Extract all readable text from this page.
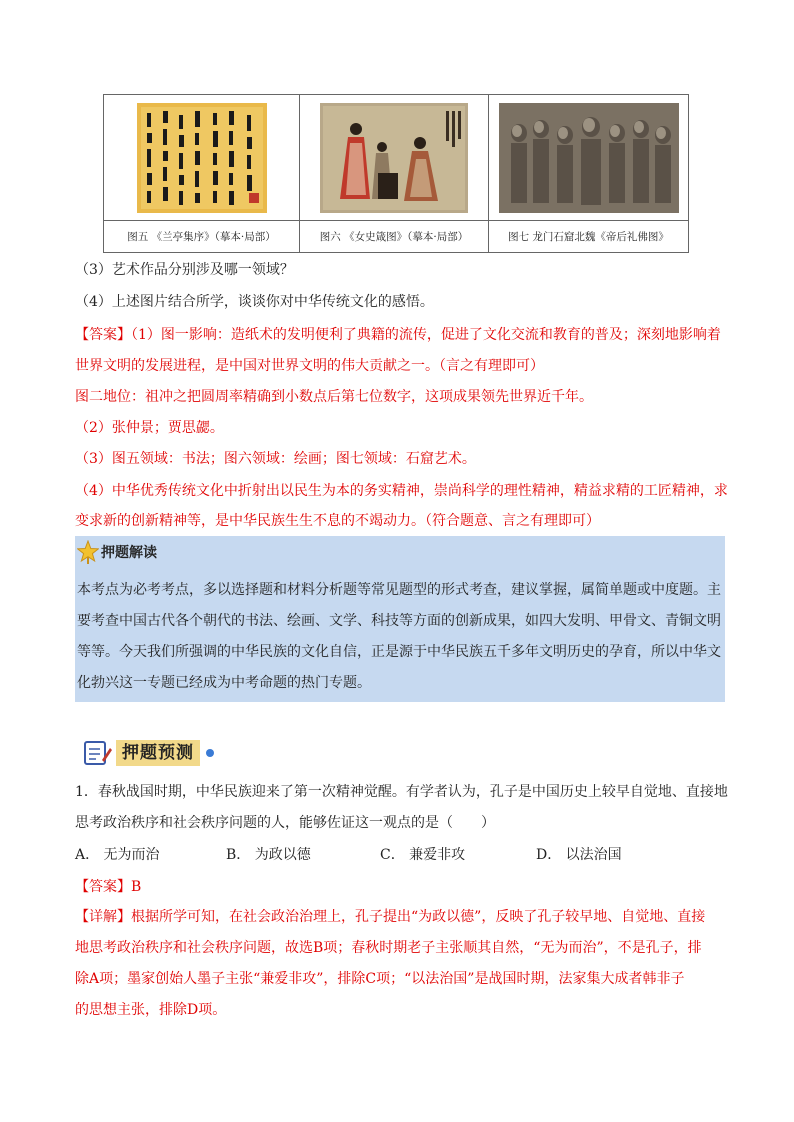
图五 《兰亭集序》（摹本·局部）	图六 《女史箴图》（摹本·局部）	图七 龙门石窟北魏《帝后礼佛图》
（3）艺术作品分别涉及哪一领域？
（4）上述图片结合所学，谈谈你对中华传统文化的感悟。
【答案】（1）图一影响：造纸术的发明便利了典籍的流传，促进了文化交流和教育的普及；深刻地影响着
世界文明的发展进程，是中国对世界文明的伟大贡献之一。（言之有理即可）
图二地位：祖冲之把圆周率精确到小数点后第七位数字，这项成果领先世界近千年。
（2）张仲景；贾思勰。
（3）图五领域：书法；图六领域：绘画；图七领域：石窟艺术。
（4）中华优秀传统文化中折射出以民生为本的务实精神，崇尚科学的理性精神，精益求精的工匠精神，求
变求新的创新精神等，是中华民族生生不息的不竭动力。（符合题意、言之有理即可）
押题解读

本考点为必考考点，多以选择题和材料分析题等常见题型的形式考查，建议掌握，属简单题或中度题。主

要考查中国古代各个朝代的书法、绘画、文学、科技等方面的创新成果，如四大发明、甲骨文、青铜文明

等等。今天我们所强调的中华民族的文化自信，正是源于中华民族五千多年文明历史的孕育，所以中华文

化勃兴这一专题已经成为中考命题的热门专题。

押题预测
1．春秋战国时期，中华民族迎来了第一次精神觉醒。有学者认为，孔子是中国历史上较早自觉地、直接地
思考政治秩序和社会秩序问题的人，能够佐证这一观点的是（　　）
A． 无为而治	B． 为政以德	C． 兼爱非攻	D． 以法治国
【答案】B
【详解】根据所学可知，在社会政治治理上，孔子提出“为政以德”，反映了孔子较早地、自觉地、直接
地思考政治秩序和社会秩序问题，故选B项；春秋时期老子主张顺其自然，“无为而治”，不是孔子，排
除A项；墨家创始人墨子主张“兼爱非攻”，排除C项；“以法治国”是战国时期，法家集大成者韩非子
的思想主张，排除D项。
